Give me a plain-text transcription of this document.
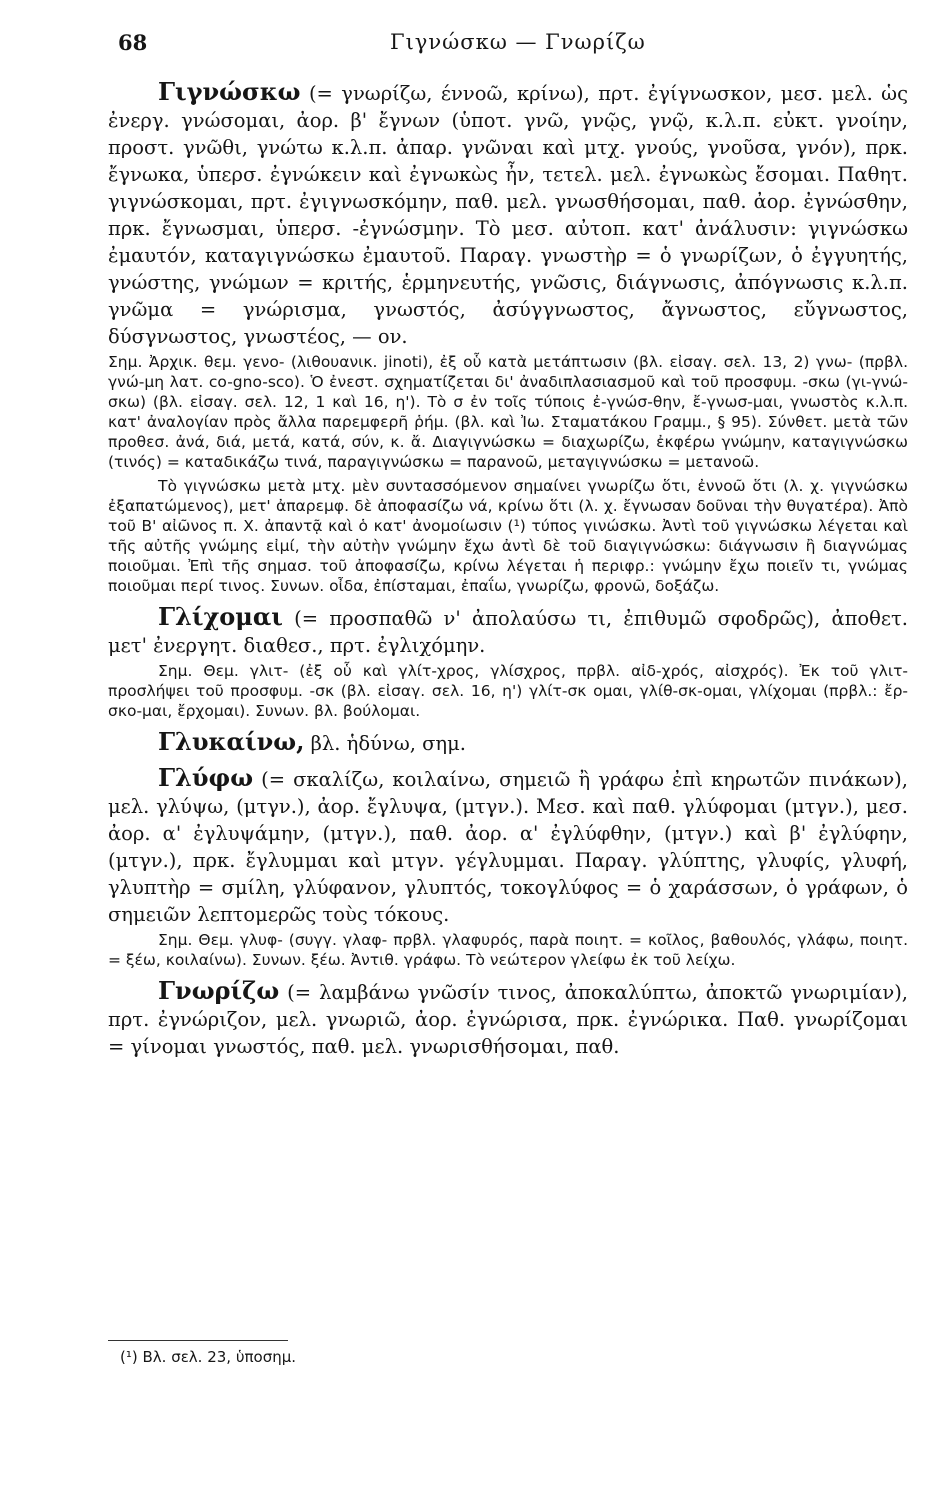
68	Γιγνώσκω — Γνωρίζω

Γιγνώσκω (= γνωρίζω, έννοῶ, κρίνω), πρτ. ἐγίγνωσκον, μεσ. μελ. ὡς ἐνεργ. γνώσομαι, ἀορ. β' ἔγνων (ὑποτ. γνῶ, γνῷς, γνῷ, κ.λ.π. εὐκτ. γνοίην, προστ. γνῶθι, γνώτω κ.λ.π. ἀπαρ. γνῶναι καὶ μτχ. γνούς, γνοῦσα, γνόν), πρκ. ἔγνωκα, ὑπερσ. ἐγνώκειν καὶ ἐγνωκὼς ἦν, τετελ. μελ. ἐγνωκὼς ἔσομαι. Παθητ. γιγνώσκομαι, πρτ. ἐγιγνωσκόμην, παθ. μελ. γνωσθήσομαι, παθ. ἀορ. ἐγνώσθην, πρκ. ἔγνωσμαι, ὑπερσ. -ἐγνώσμην. Τὸ μεσ. αὐτοπ. κατ' ἀνάλυσιν: γιγνώσκω ἐμαυτόν, καταγιγνώσκω ἐμαυτοῦ. Παραγ. γνωστὴρ = ὁ γνωρίζων, ὁ ἐγγυητής, γνώστης, γνώμων = κριτής, ἑρμηνευτής, γνῶσις, διάγνωσις, ἀπόγνωσις κ.λ.π. γνῶμα = γνώρισμα, γνωστός, ἀσύγγνωστος, ἄγνωστος, εὔγνωστος, δύσγνωστος, γνωστέος, — ον.

Σημ. Ἀρχικ. θεμ. γενο- (λιθουανικ. jinoti), ἐξ οὗ κατὰ μετάπτωσιν (βλ. εἰσαγ. σελ. 13, 2) γνω- (πρβλ. γνώ-μη λατ. co-gno-sco). Ὁ ἐνεστ. σχηματίζεται δι' ἀναδιπλασιασμοῦ καὶ τοῦ προσφυμ. -σκω (γι-γνώ-σκω) (βλ. εἰσαγ. σελ. 12, 1 καὶ 16, η'). Τὸ σ ἐν τοῖς τύποις ἐ-γνώσ-θην, ἔ-γνωσ-μαι, γνωστὸς κ.λ.π. κατ' ἀναλογίαν πρὸς ἄλλα παρεμφερῆ ῥήμ. (βλ. καὶ Ἰω. Σταματάκου Γραμμ., § 95). Σύνθετ. μετὰ τῶν προθεσ. ἀνά, διά, μετά, κατά, σύν, κ. ἄ. Διαγιγνώσκω = διαχωρίζω, ἐκφέρω γνώμην, καταγιγνώσκω (τινός) = καταδικάζω τινά, παραγιγνώσκω = παρανοῶ, μεταγιγνώσκω = μετανοῶ.

Τὸ γιγνώσκω μετὰ μτχ. μὲν συντασσόμενον σημαίνει γνωρίζω ὅτι, ἐννοῶ ὅτι (λ. χ. γιγνώσκω ἐξαπατώμενος), μετ' ἀπαρεμφ. δὲ ἀποφασίζω νά, κρίνω ὅτι (λ. χ. ἔγνωσαν δοῦναι τὴν θυγατέρα). Ἀπὸ τοῦ Β' αἰῶνος π. Χ. ἀπαντᾷ καὶ ὁ κατ' ἀνομοίωσιν (¹) τύπος γινώσκω. Ἀντὶ τοῦ γιγνώσκω λέγεται καὶ τῆς αὐτῆς γνώμης εἰμί, τὴν αὐτὴν γνώμην ἔχω ἀντὶ δὲ τοῦ διαγιγνώσκω: διάγνωσιν ἢ διαγνώμας ποιοῦμαι. Ἐπὶ τῆς σημασ. τοῦ ἀποφασίζω, κρίνω λέγεται ἡ περιφρ.: γνώμην ἔχω ποιεῖν τι, γνώμας ποιοῦμαι περί τινος. Συνων. οἶδα, ἐπίσταμαι, ἐπαΐω, γνωρίζω, φρονῶ, δοξάζω.

Γλίχομαι (= προσπαθῶ ν' ἀπολαύσω τι, ἐπιθυμῶ σφοδρῶς), ἀποθετ. μετ' ἐνεργητ. διαθεσ., πρτ. ἐγλιχόμην.

Σημ. Θεμ. γλιτ- (ἐξ οὗ καὶ γλίτ-χρος, γλίσχρος, πρβλ. αἰδ-χρός, αἰσχρός). Ἐκ τοῦ γλιτ- προσλήψει τοῦ προσφυμ. -σκ (βλ. εἰσαγ. σελ. 16, η') γλίτ-σκ ομαι, γλίθ-σκ-ομαι, γλίχομαι (πρβλ.: ἔρ-σκο-μαι, ἔρχομαι). Συνων. βλ. βούλομαι.

Γλυκαίνω, βλ. ἡδύνω, σημ.

Γλύφω (= σκαλίζω, κοιλαίνω, σημειῶ ἢ γράφω ἐπὶ κηρωτῶν πινάκων), μελ. γλύψω, (μτγν.), ἀορ. ἔγλυψα, (μτγν.). Μεσ. καὶ παθ. γλύφομαι (μτγν.), μεσ. ἀορ. α' ἐγλυψάμην, (μτγν.), παθ. ἀορ. α' ἐγλύφθην, (μτγν.) καὶ β' ἐγλύφην, (μτγν.), πρκ. ἔγλυμμαι καὶ μτγν. γέγλυμμαι. Παραγ. γλύπτης, γλυφίς, γλυφή, γλυπτὴρ = σμίλη, γλύφανον, γλυπτός, τοκογλύφος = ὁ χαράσσων, ὁ γράφων, ὁ σημειῶν λεπτομερῶς τοὺς τόκους.

Σημ. Θεμ. γλυφ- (συγγ. γλαφ- πρβλ. γλαφυρός, παρὰ ποιητ. = κοῖλος, βαθουλός, γλάφω, ποιητ. = ξέω, κοιλαίνω). Συνων. ξέω. Ἀντιθ. γράφω. Τὸ νεώτερον γλείφω ἐκ τοῦ λείχω.

Γνωρίζω (= λαμβάνω γνῶσίν τινος, ἀποκαλύπτω, ἀποκτῶ γνωριμίαν), πρτ. ἐγνώριζον, μελ. γνωριῶ, ἀορ. ἐγνώρισα, πρκ. ἐγνώρικα. Παθ. γνωρίζομαι = γίνομαι γνωστός, παθ. μελ. γνωρισθήσομαι, παθ.

(¹) Βλ. σελ. 23, ὑποσημ.
